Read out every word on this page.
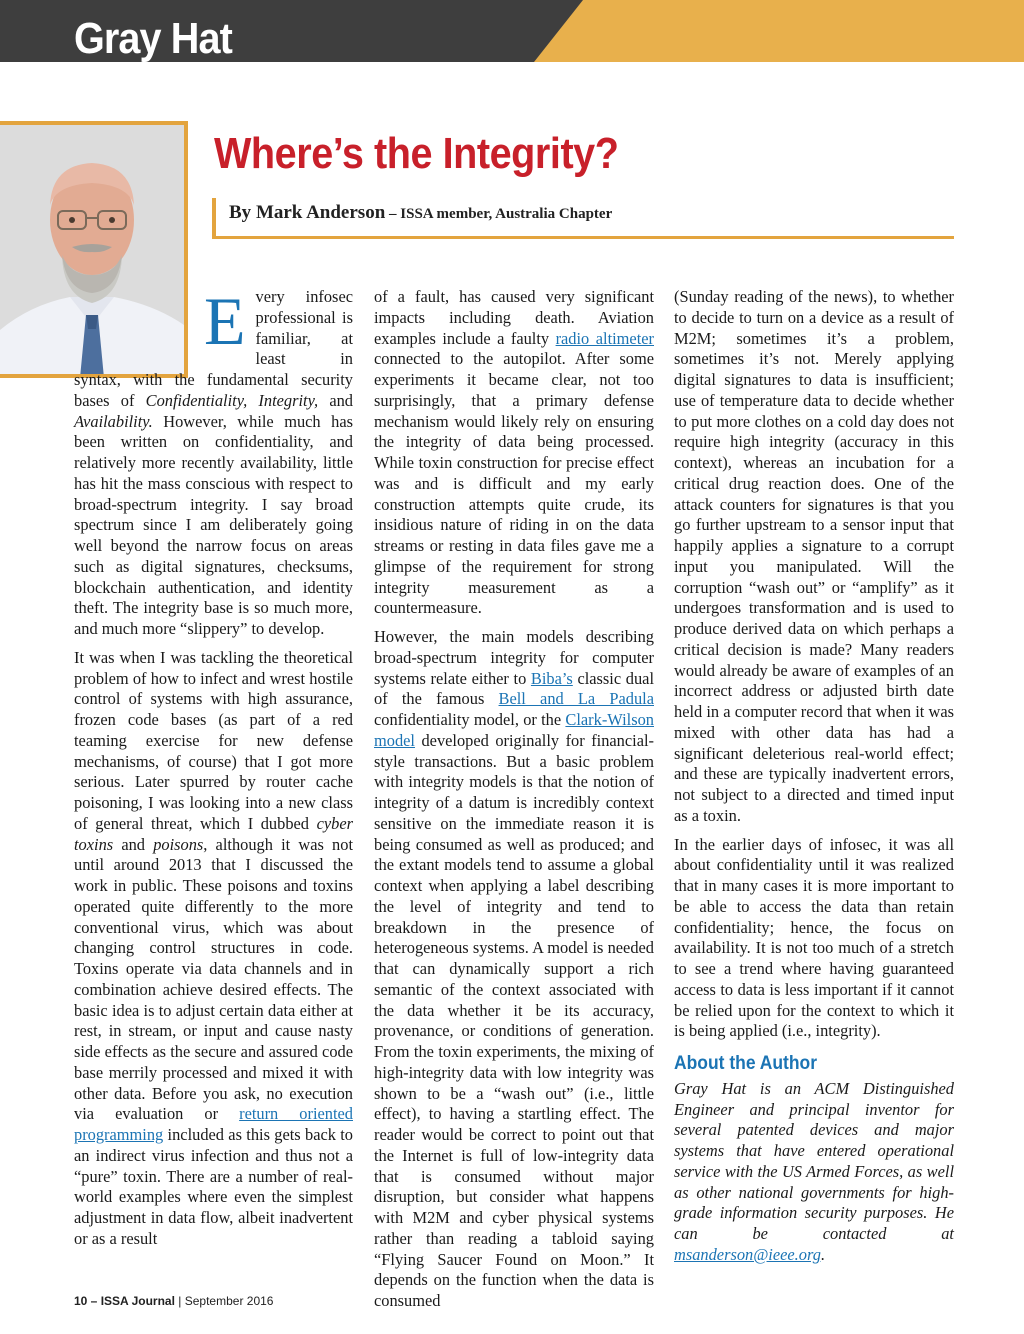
Gray Hat
Where’s the Integrity?
By Mark Anderson – ISSA member, Australia Chapter

Every infosec professional is familiar, at least in syntax, with the fundamental security bases of Confidentiality, Integrity, and Availability. However, while much has been written on confidentiality, and relatively more recently availability, little has hit the mass conscious with respect to broad-spectrum integrity. I say broad spectrum since I am deliberately going well beyond the narrow focus on areas such as digital signatures, checksums, blockchain authentication, and identity theft. The integrity base is so much more, and much more “slippery” to develop.

It was when I was tackling the theoretical problem of how to infect and wrest hostile control of systems with high assurance, frozen code bases (as part of a red teaming exercise for new defense mechanisms, of course) that I got more serious. Later spurred by router cache poisoning, I was looking into a new class of general threat, which I dubbed cyber toxins and poisons, although it was not until around 2013 that I discussed the work in public. These poisons and toxins operated quite differently to the more conventional virus, which was about changing control structures in code. Toxins operate via data channels and in combination achieve desired effects. The basic idea is to adjust certain data either at rest, in stream, or input and cause nasty side effects as the secure and assured code base merrily processed and mixed it with other data. Before you ask, no execution via evaluation or return oriented programming included as this gets back to an indirect virus infection and thus not a “pure” toxin. There are a number of real-world examples where even the simplest adjustment in data flow, albeit inadvertent or as a result

of a fault, has caused very significant impacts including death. Aviation examples include a faulty radio altimeter connected to the autopilot. After some experiments it became clear, not too surprisingly, that a primary defense mechanism would likely rely on ensuring the integrity of data being processed. While toxin construction for precise effect was and is difficult and my early construction attempts quite crude, its insidious nature of riding in on the data streams or resting in data files gave me a glimpse of the requirement for strong integrity measurement as a countermeasure.

However, the main models describing broad-spectrum integrity for computer systems relate either to Biba’s classic dual of the famous Bell and La Padula confidentiality model, or the Clark-Wilson model developed originally for financial-style transactions. But a basic problem with integrity models is that the notion of integrity of a datum is incredibly context sensitive on the immediate reason it is being consumed as well as produced; and the extant models tend to assume a global context when applying a label describing the level of integrity and tend to breakdown in the presence of heterogeneous systems. A model is needed that can dynamically support a rich semantic of the context associated with the data whether it be its accuracy, provenance, or conditions of generation. From the toxin experiments, the mixing of high-integrity data with low integrity was shown to be a “wash out” (i.e., little effect), to having a startling effect. The reader would be correct to point out that the Internet is full of low-integrity data that is consumed without major disruption, but consider what happens with M2M and cyber physical systems rather than reading a tabloid saying “Flying Saucer Found on Moon.” It depends on the function when the data is consumed

(Sunday reading of the news), to whether to decide to turn on a device as a result of M2M; sometimes it’s a problem, sometimes it’s not. Merely applying digital signatures to data is insufficient; use of temperature data to decide whether to put more clothes on a cold day does not require high integrity (accuracy in this context), whereas an incubation for a critical drug reaction does. One of the attack counters for signatures is that you go further upstream to a sensor input that happily applies a signature to a corrupt input you manipulated. Will the corruption “wash out” or “amplify” as it undergoes transformation and is used to produce derived data on which perhaps a critical decision is made? Many readers would already be aware of examples of an incorrect address or adjusted birth date held in a computer record that when it was mixed with other data has had a significant deleterious real-world effect; and these are typically inadvertent errors, not subject to a directed and timed input as a toxin.

In the earlier days of infosec, it was all about confidentiality until it was realized that in many cases it is more important to be able to access the data than retain confidentiality; hence, the focus on availability. It is not too much of a stretch to see a trend where having guaranteed access to data is less important if it cannot be relied upon for the context to which it is being applied (i.e., integrity).

About the Author

Gray Hat is an ACM Distinguished Engineer and principal inventor for several patented devices and major systems that have entered operational service with the US Armed Forces, as well as other national governments for high-grade information security purposes. He can be contacted at msanderson@ieee.org.

10 – ISSA Journal | September 2016
